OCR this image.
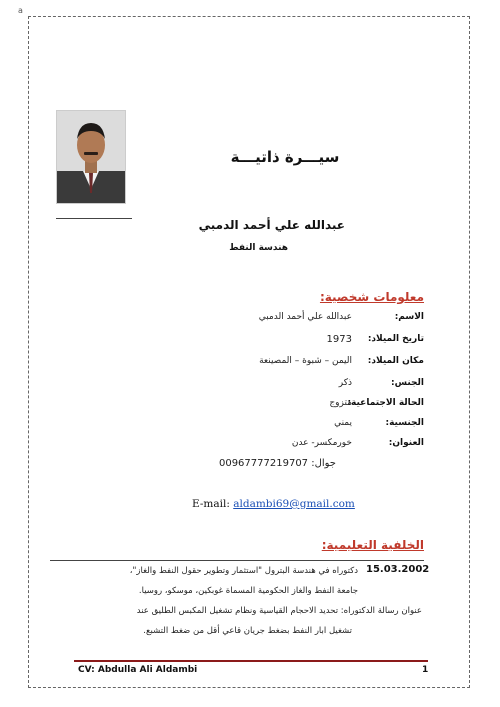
a
سيـــرة ذاتيـــة
عبدالله علي أحمد الدمبي
هندسة النفط
معلومات شخصية:
الاسم:
عبدالله علي أحمد الدمبي
تاريخ الميلاد:
1973
مكان الميلاد:
اليمن – شبوة – المصينعة
الجنس:
ذكر
الحالة الاجتماعية:
متزوج
الجنسية:
يمني
العنوان:
خورمكسر- عدن
جوال: 00967777219707
E-mail: aldambi69@gmail.com
الخلفية التعليمية:
15.03.2002
دكتوراه في هندسة البترول "استثمار وتطوير حقول النفط والغاز"،
جامعة النفط والغاز الحكومية المسماة غوبكين، موسكو، روسيا.
عنوان رسالة الدكتوراه: تحديد الاحجام القياسية ونظام تشغيل المكبس الطليق عند
تشغيل ابار النفط بضغط جريان قاعي أقل من ضغط التشبع.
CV: Abdulla Ali Aldambi	1
